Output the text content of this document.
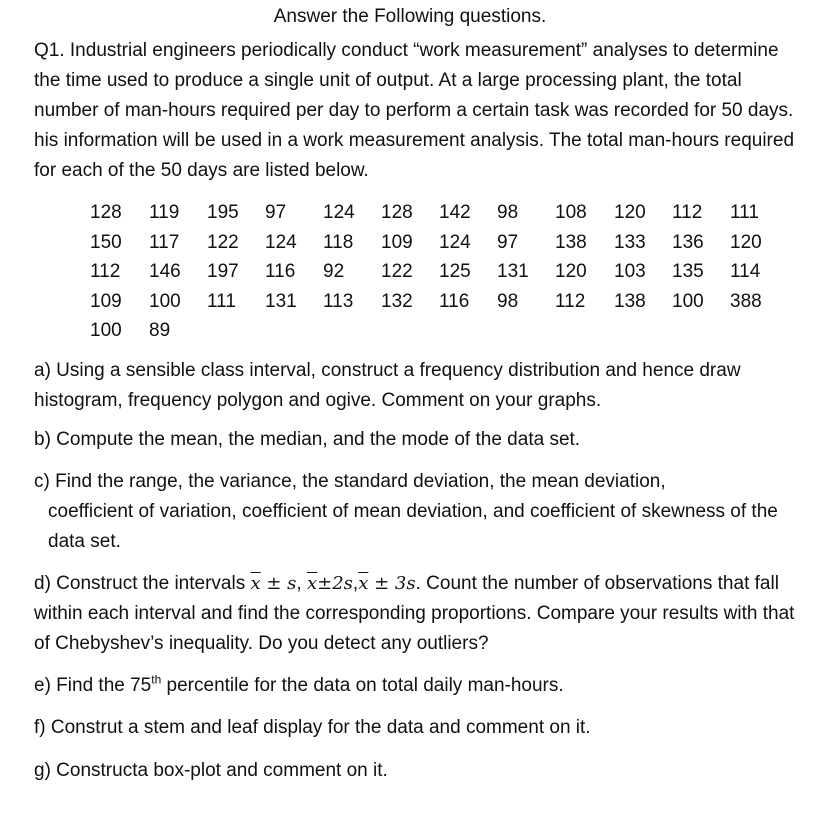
Answer the Following questions.

Q1. Industrial engineers periodically conduct “work measurement” analyses to determine the time used to produce a single unit of output. At a large processing plant, the total number of man-hours required per day to perform a certain task was recorded for 50 days. his information will be used in a work measurement analysis. The total man-hours required for each of the 50 days are listed below.

128	119	195	97	124	128	142	98	108	120	112	111
150	117	122	124	118	109	124	97	138	133	136	120
112	146	197	116	92	122	125	131	120	103	135	114
109	100	111	131	113	132	116	98	112	138	100	388
100	89										

a) Using a sensible class interval, construct a frequency distribution and hence draw histogram, frequency polygon and ogive. Comment on your graphs.

b) Compute the mean, the median, and the mode of the data set.

c) Find the range, the variance, the standard deviation, the mean deviation,
coefficient of variation, coefficient of mean deviation, and coefficient of skewness of the data set.

d) Construct the intervals $\overline{x} \pm s$, $\overline{x}\pm 2s,\overline{x} \pm 3s$. Count the number of observations that fall within each interval and find the corresponding proportions. Compare your results with that of Chebyshev’s inequality. Do you detect any outliers?

e) Find the 75th percentile for the data on total daily man-hours.

f) Construt a stem and leaf display for the data and comment on it.

g) Constructa box-plot and comment on it.
